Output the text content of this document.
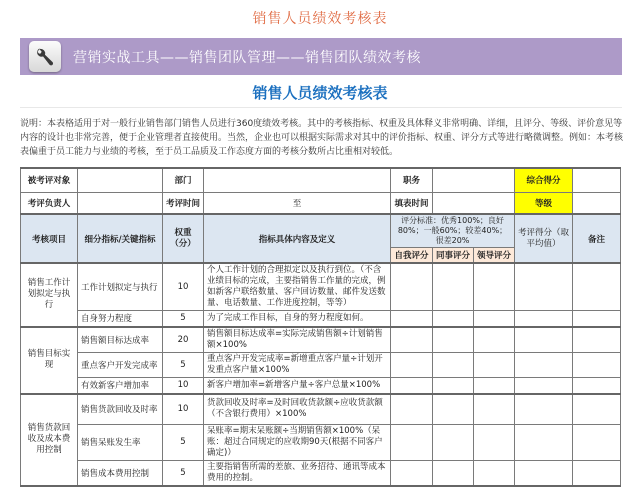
销售人员绩效考核表
营销实战工具——销售团队管理——销售团队绩效考核
销售人员绩效考核表
说明：本表格适用于对一般行业销售部门销售人员进行360度绩效考核。其中的考核指标、权重及具体释义非常明确、详细，且评分、等级、评价意见等内容的设计也非常完善，便于企业管理者直接使用。当然，企业也可以根据实际需求对其中的评价指标、权重、评分方式等进行略微调整。例如：本考核表偏重于员工能力与业绩的考核，至于员工品质及工作态度方面的考核分数所占比重相对较低。
被考评对象		部门		职务			综合得分	
考评负责人		考评时间	至	填表时间			等级	
考核项目	细分指标/关键指标	权重（分）	指标具体内容及定义	评分标准：优秀100%；良好80%；一般60%；较差40%；很差20%			考评得分（取平均值）	备注
				自我评分	同事评分	领导评分		
销售工作计划拟定与执行	工作计划拟定与执行	10	个人工作计划的合理拟定以及执行到位。（不含业绩目标的完成，主要指销售工作量的完成，例如新客户联络数量、客户回访数量、邮件发送数量、电话数量、工作进度控制，等等）					
	自身努力程度	5	为了完成工作目标，自身的努力程度如何。					
销售目标实现	销售额目标达成率	20	销售额目标达成率=实际完成销售额÷计划销售额×100%					
	重点客户开发完成率	5	重点客户开发完成率=新增重点客户量÷计划开发重点客户量×100%					
	有效新客户增加率	10	新客户增加率=新增客户量÷客户总量×100%					
销售货款回收及成本费用控制	销售货款回收及时率	10	货款回收及时率=及时回收货款额÷应收货款额（不含银行费用）×100%					
	销售呆账发生率	5	呆账率=期末呆账额÷当期销售额×100%（呆账：超过合同规定的应收期90天(根据不同客户确定)）					
	销售成本费用控制	5	主要指销售所需的差旅、业务招待、通讯等成本费用的控制。					
